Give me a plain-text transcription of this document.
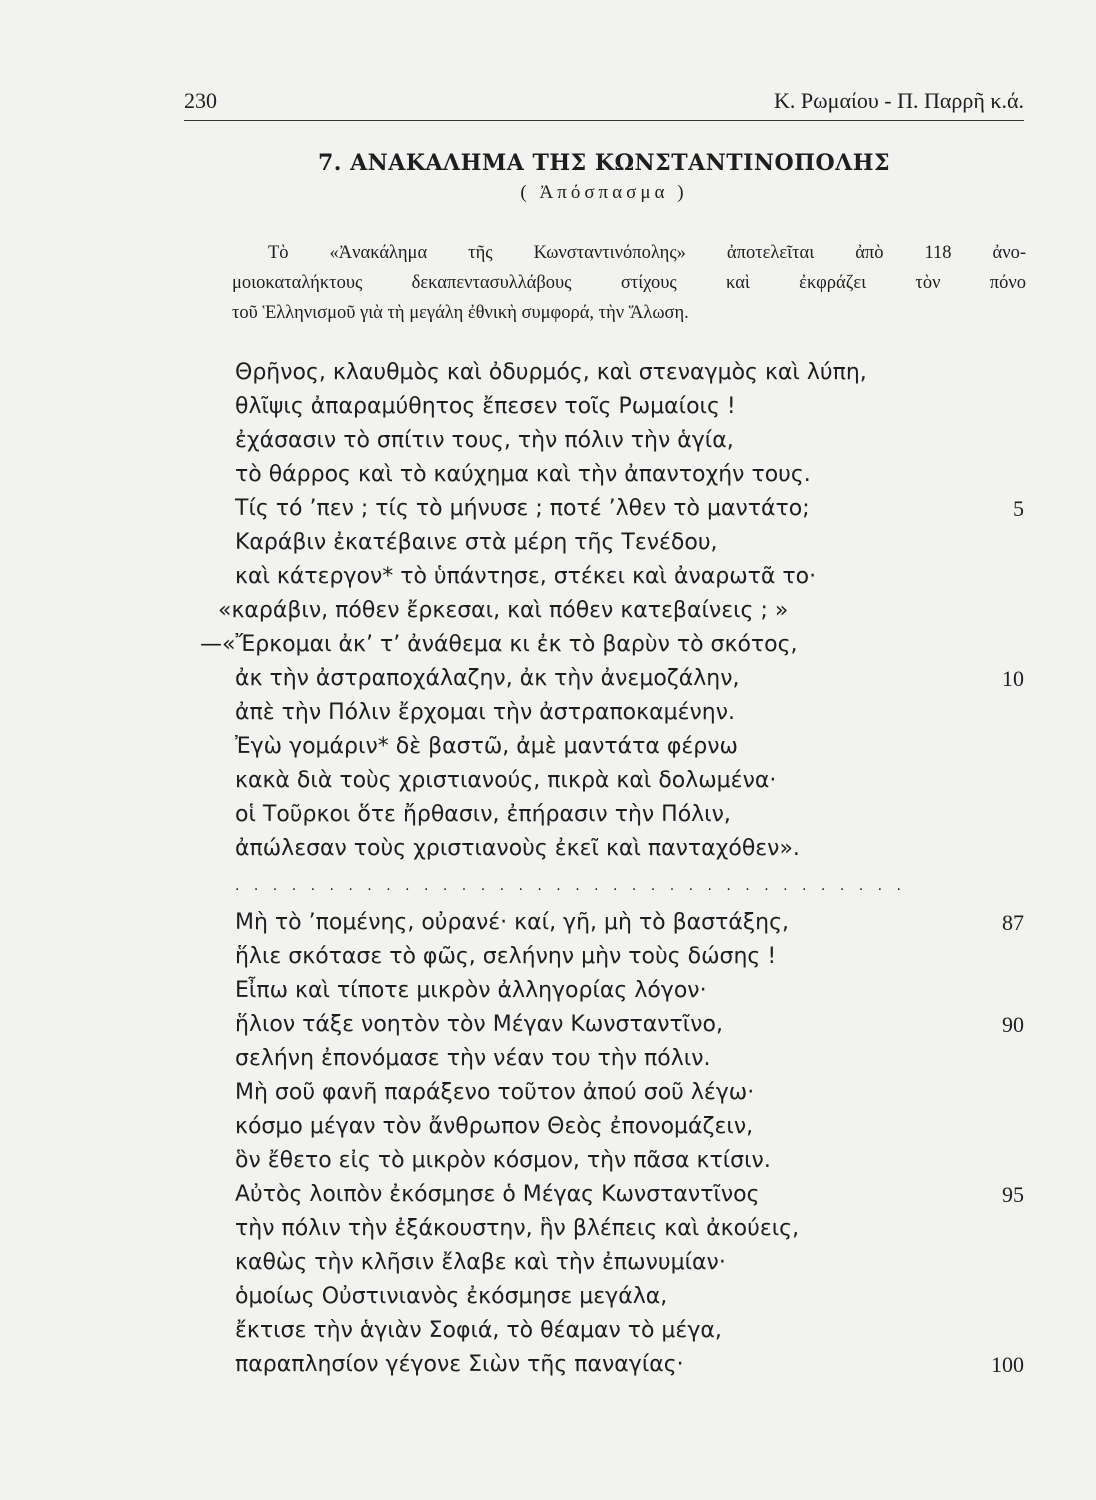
230	Κ. Ρωμαίου - Π. Παρρῆ κ.ά.
7. ΑΝΑΚΑΛΗΜΑ ΤΗΣ ΚΩΝΣΤΑΝΤΙΝΟΠΟΛΗΣ
( Ἀπόσπασμα )
Τὸ «Ἀνακάλημα τῆς Κωνσταντινόπολης» ἀποτελεῖται ἀπὸ 118 ἀνο-
μοιοκαταλήκτους δεκαπεντασυλλάβους στίχους καὶ ἐκφράζει τὸν πόνο
τοῦ Ἑλληνισμοῦ γιὰ τὴ μεγάλη ἐθνικὴ συμφορά, τὴν Ἅλωση.
Θρῆνος, κλαυθμὸς καὶ ὀδυρμός, καὶ στεναγμὸς καὶ λύπη,
θλῖψις ἀπαραμύθητος ἔπεσεν τοῖς Ρωμαίοις !
ἐχάσασιν τὸ σπίτιν τους, τὴν πόλιν τὴν ἁγία,
τὸ θάρρος καὶ τὸ καύχημα καὶ τὴν ἀπαντοχήν τους.
Τίς τό ’πεν ; τίς τὸ μήνυσε ; ποτέ ’λθεν τὸ μαντάτο;	5
Καράβιν ἐκατέβαινε στὰ μέρη τῆς Τενέδου,
καὶ κάτεργον* τὸ ὑπάντησε, στέκει καὶ ἀναρωτᾶ το·
«καράβιν, πόθεν ἔρκεσαι, καὶ πόθεν κατεβαίνεις ; »
—«Ἔρκομαι ἀκ’ τ’ ἀνάθεμα κι ἐκ τὸ βαρὺν τὸ σκότος,
ἀκ τὴν ἀστραποχάλαζην, ἀκ τὴν ἀνεμοζάλην,	10
ἀπὲ τὴν Πόλιν ἔρχομαι τὴν ἀστραποκαμένην.
Ἐγὼ γομάριν* δὲ βαστῶ, ἀμὲ μαντάτα φέρνω
κακὰ διὰ τοὺς χριστιανούς, πικρὰ καὶ δολωμένα·
οἱ Τοῦρκοι ὅτε ἤρθασιν, ἐπήρασιν τὴν Πόλιν,
ἀπώλεσαν τοὺς χριστιανοὺς ἐκεῖ καὶ πανταχόθεν».
Μὴ τὸ ’πομένης, οὐρανέ· καί, γῆ, μὴ τὸ βαστάξης,	87
ἥλιε σκότασε τὸ φῶς, σελήνην μὴν τοὺς δώσης !
Εἶπω καὶ τίποτε μικρὸν ἀλληγορίας λόγον·
ἥλιον τάξε νοητὸν τὸν Μέγαν Κωνσταντῖνο,	90
σελήνη ἐπονόμασε τὴν νέαν του τὴν πόλιν.
Μὴ σοῦ φανῆ παράξενο τοῦτον ἀπού σοῦ λέγω·
κόσμο μέγαν τὸν ἄνθρωπον Θεὸς ἐπονομάζειν,
ὃν ἔθετο εἰς τὸ μικρὸν κόσμον, τὴν πᾶσα κτίσιν.
Αὐτὸς λοιπὸν ἐκόσμησε ὁ Μέγας Κωνσταντῖνος	95
τὴν πόλιν τὴν ἐξάκουστην, ἣν βλέπεις καὶ ἀκούεις,
καθὼς τὴν κλῆσιν ἔλαβε καὶ τὴν ἐπωνυμίαν·
ὁμοίως Οὐστινιανὸς ἐκόσμησε μεγάλα,
ἔκτισε τὴν ἁγιὰν Σοφιά, τὸ θέαμαν τὸ μέγα,
παραπλησίον γέγονε Σιὼν τῆς παναγίας·	100
. . . . . . . . . . . . . . . . . . . . . . . . . . . . . . . . . . . .
